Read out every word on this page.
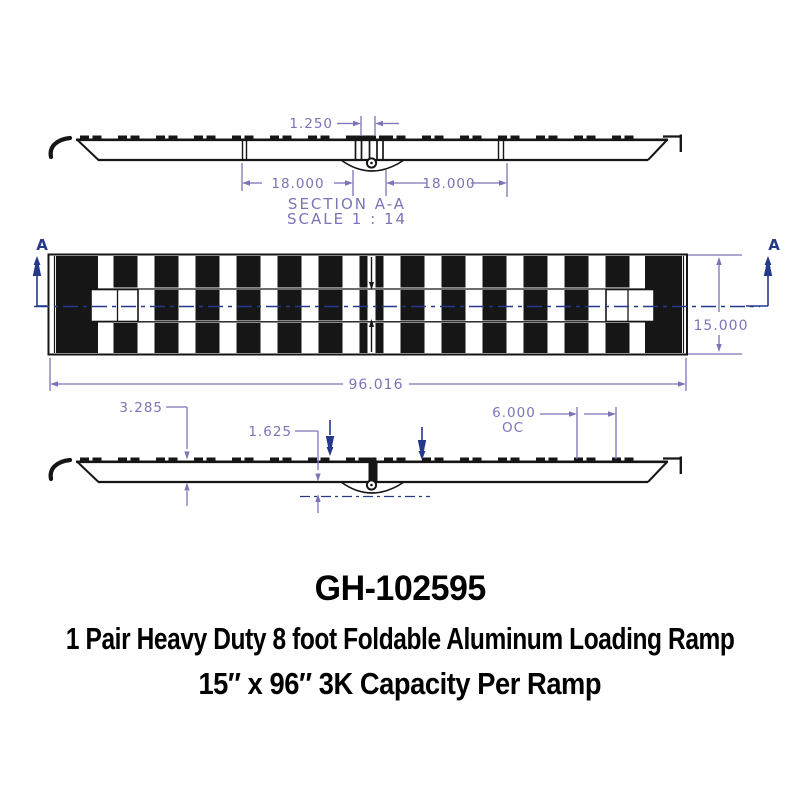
1.250
18.000	18.000
SECTION A-A
SCALE 1 : 14
96.016
15.000
3.285
1.625
6.000
OC
A	A
GH-102595
1 Pair Heavy Duty 8 foot Foldable Aluminum Loading Ramp
15″ x 96″ 3K Capacity Per Ramp
